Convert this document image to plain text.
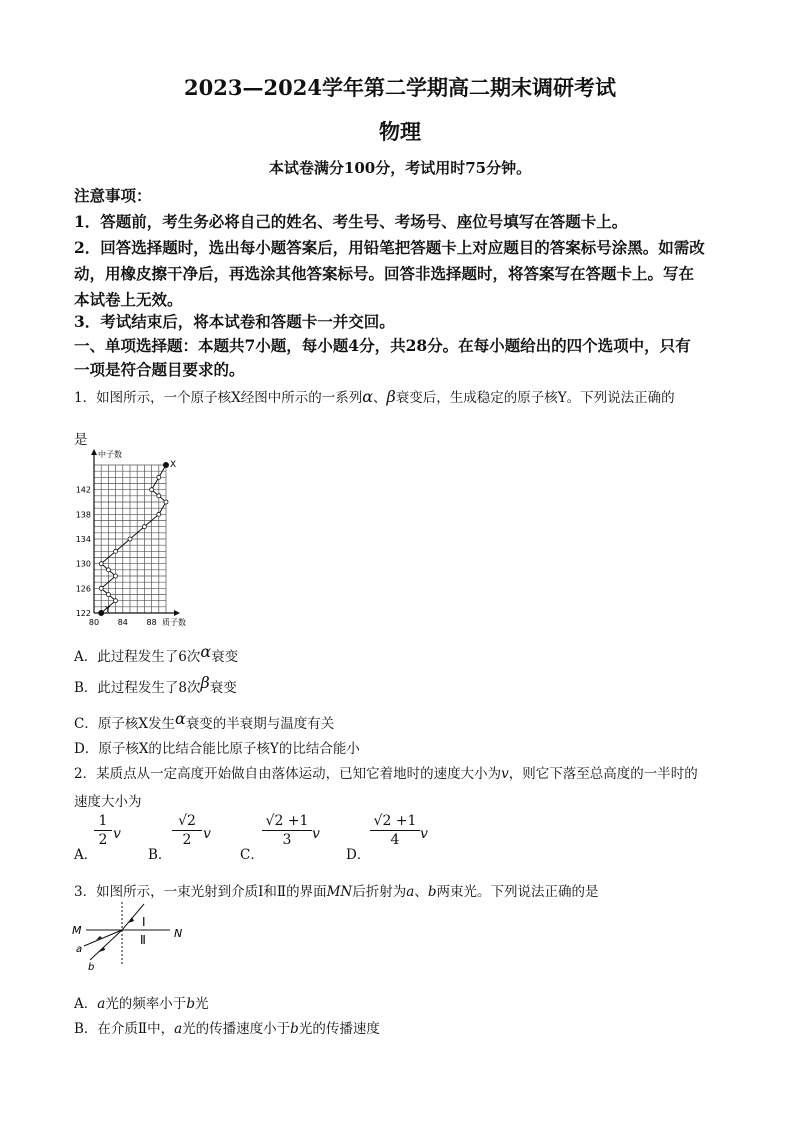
2023—2024学年第二学期高二期末调研考试
物理
本试卷满分100分，考试用时75分钟。
注意事项：
1．答题前，考生务必将自己的姓名、考生号、考场号、座位号填写在答题卡上。
2．回答选择题时，选出每小题答案后，用铅笔把答题卡上对应题目的答案标号涂黑。如需改
动，用橡皮擦干净后，再选涂其他答案标号。回答非选择题时，将答案写在答题卡上。写在
本试卷上无效。
3．考试结束后，将本试卷和答题卡一并交回。
一、单项选择题：本题共7小题，每小题4分，共28分。在每小题给出的四个选项中，只有
一项是符合题目要求的。
1．如图所示，一个原子核X经图中所示的一系列α、β衰变后，生成稳定的原子核Y。下列说法正确的
是
122
126
130
134
138
142
80 84 88
中子数
质子数
X
Y
A．此过程发生了6次α衰变
B．此过程发生了8次β衰变
C．原子核X发生α衰变的半衰期与温度有关
D．原子核X的比结合能比原子核Y的比结合能小
2．某质点从一定高度开始做自由落体运动，已知它着地时的速度大小为v，则它下落至总高度的一半时的
速度大小为
A．
1
2 v
B．
√2
2 v
C．
√2 +1
3	v
D．
√2 +1
4	v
3．如图所示，一束光射到介质Ⅰ和Ⅱ的界面MN后折射为a、b两束光。下列说法正确的是
M	N
Ⅰ
Ⅱ
a
b
A．a光的频率小于b光
B．在介质Ⅱ中，a光的传播速度小于b光的传播速度
